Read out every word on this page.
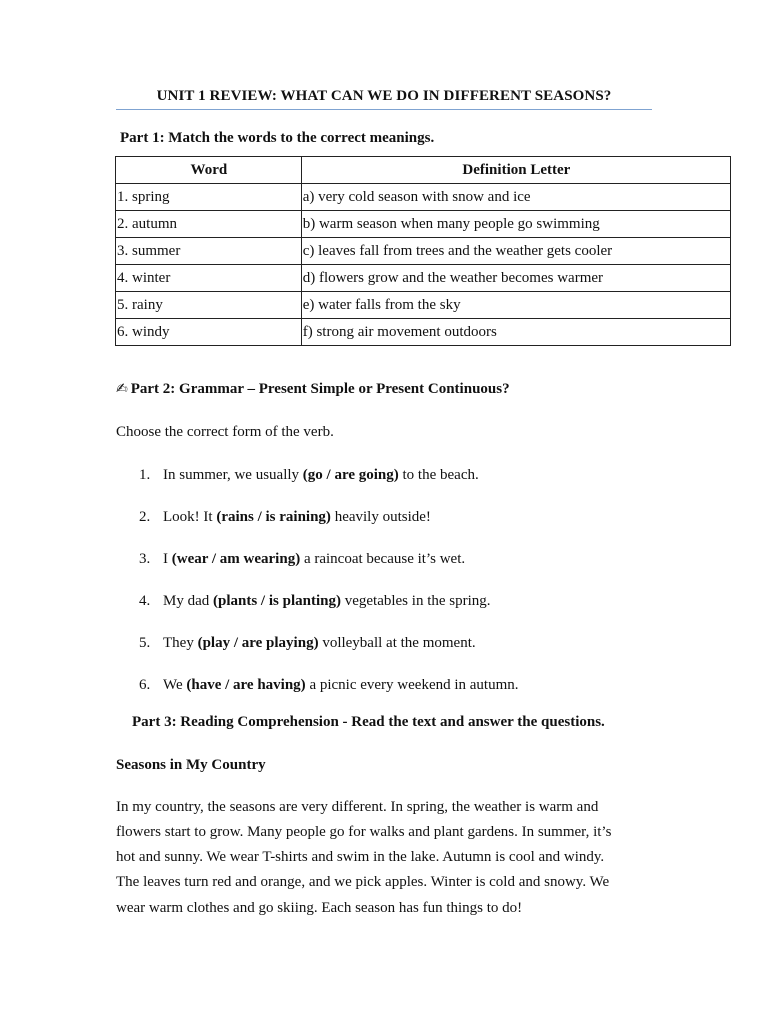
UNIT 1 REVIEW: WHAT CAN WE DO IN DIFFERENT SEASONS?
Part 1: Match the words to the correct meanings.
Word	Definition Letter
1. spring	a) very cold season with snow and ice
2. autumn	b) warm season when many people go swimming
3. summer	c) leaves fall from trees and the weather gets cooler
4. winter	d) flowers grow and the weather becomes warmer
5. rainy	e) water falls from the sky
6. windy	f) strong air movement outdoors
✍ Part 2: Grammar – Present Simple or Present Continuous?
Choose the correct form of the verb.
1. In summer, we usually (go / are going) to the beach.
2. Look! It (rains / is raining) heavily outside!
3. I (wear / am wearing) a raincoat because it’s wet.
4. My dad (plants / is planting) vegetables in the spring.
5. They (play / are playing) volleyball at the moment.
6. We (have / are having) a picnic every weekend in autumn.
Part 3: Reading Comprehension - Read the text and answer the questions.
Seasons in My Country
In my country, the seasons are very different. In spring, the weather is warm and
flowers start to grow. Many people go for walks and plant gardens. In summer, it’s
hot and sunny. We wear T-shirts and swim in the lake. Autumn is cool and windy.
The leaves turn red and orange, and we pick apples. Winter is cold and snowy. We
wear warm clothes and go skiing. Each season has fun things to do!
